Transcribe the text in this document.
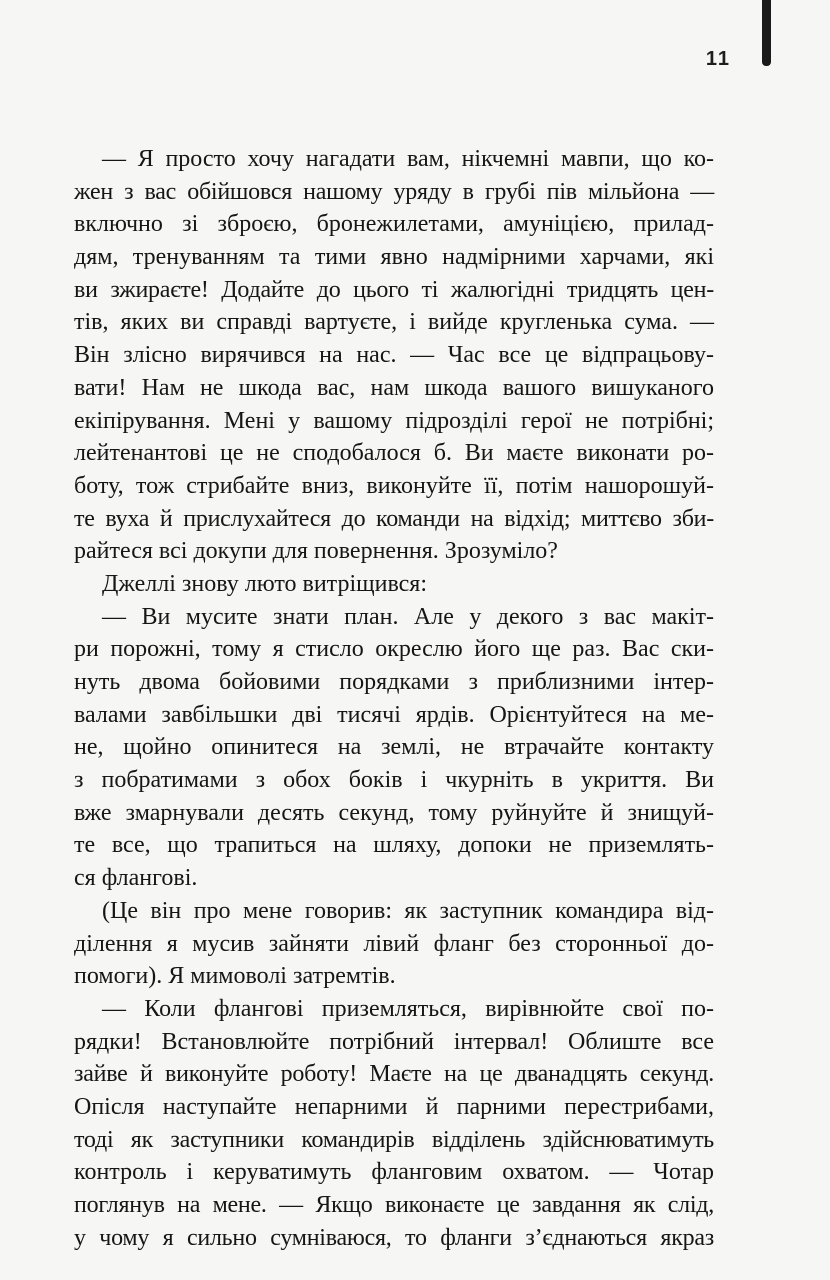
11
— Я просто хочу нагадати вам, нікчемні мавпи, що ко-
жен з вас обійшовся нашому уряду в грубі пів мільйона —
включно зі зброєю, бронежилетами, амуніцією, прилад-
дям, тренуванням та тими явно надмірними харчами, які
ви зжираєте! Додайте до цього ті жалюгідні тридцять цен-
тів, яких ви справді вартуєте, і вийде кругленька сума. —
Він злісно вирячився на нас. — Час все це відпрацьову-
вати! Нам не шкода вас, нам шкода вашого вишуканого
екіпірування. Мені у вашому підрозділі герої не потрібні;
лейтенантові це не сподобалося б. Ви маєте виконати ро-
боту, тож стрибайте вниз, виконуйте її, потім нашорошуй-
те вуха й прислухайтеся до команди на відхід; миттєво зби-
райтеся всі докупи для повернення. Зрозуміло?
Джеллі знову люто витріщився:
— Ви мусите знати план. Але у декого з вас макіт-
ри порожні, тому я стисло окреслю його ще раз. Вас ски-
нуть двома бойовими порядками з приблизними інтер-
валами завбільшки дві тисячі ярдів. Орієнтуйтеся на ме-
не, щойно опинитеся на землі, не втрачайте контакту
з побратимами з обох боків і чкурніть в укриття. Ви
вже змарнували десять секунд, тому руйнуйте й знищуй-
те все, що трапиться на шляху, допоки не приземлять-
ся флангові.
(Це він про мене говорив: як заступник командира від-
ділення я мусив зайняти лівий фланг без сторонньої до-
помоги). Я мимоволі затремтів.
— Коли флангові приземляться, вирівнюйте свої по-
рядки! Встановлюйте потрібний інтервал! Облиште все
зайве й виконуйте роботу! Маєте на це дванадцять секунд.
Опісля наступайте непарними й парними перестрибами,
тоді як заступники командирів відділень здійснюватимуть
контроль і керуватимуть фланговим охватом. — Чотар
поглянув на мене. — Якщо виконаєте це завдання як слід,
у чому я сильно сумніваюся, то фланги з’єднаються якраз
